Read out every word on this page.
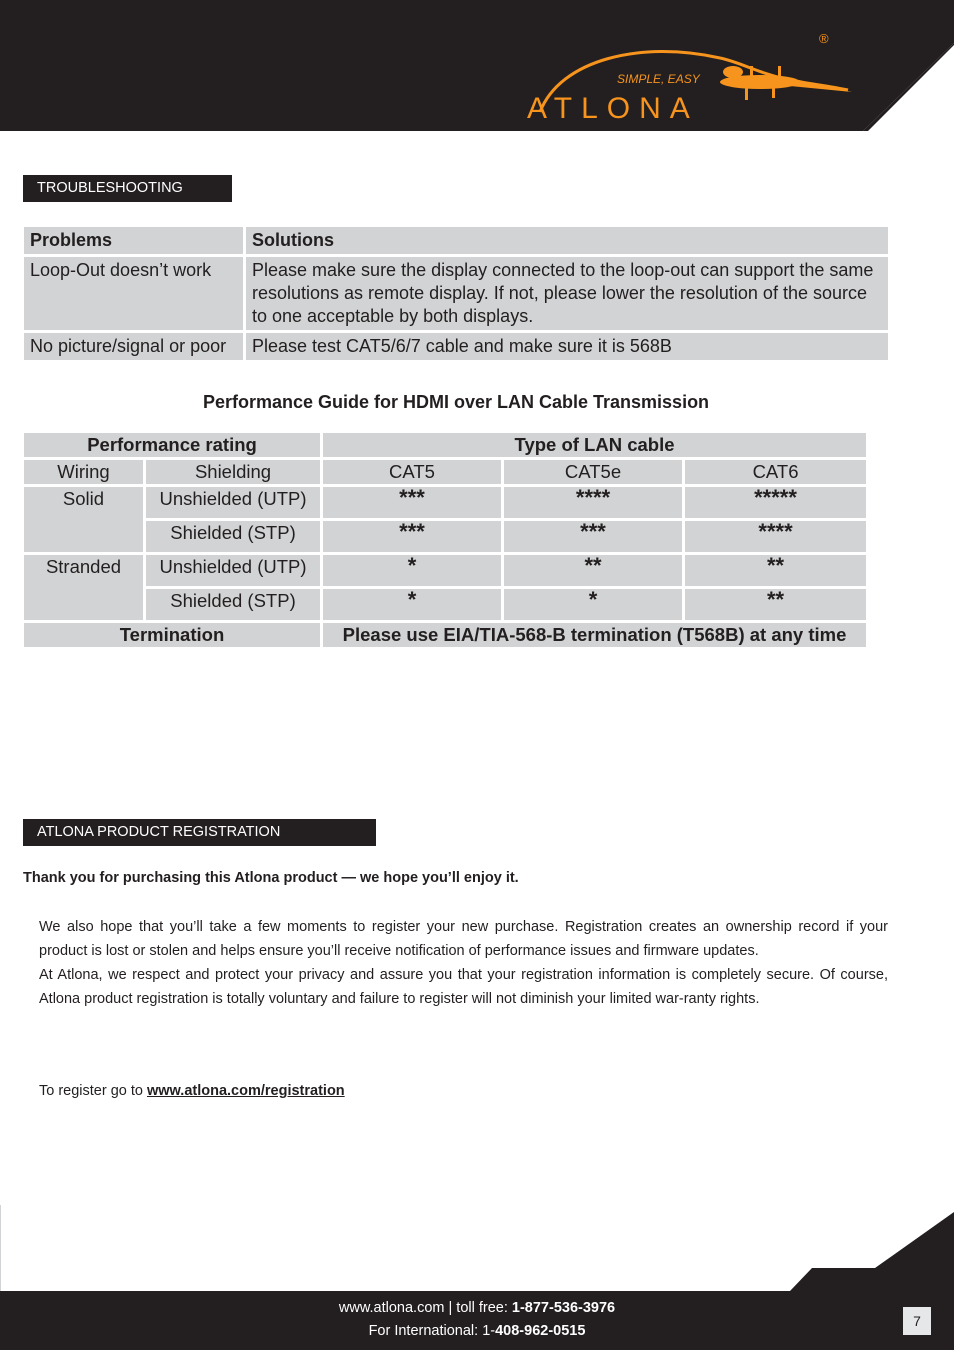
SIMPLE, EASY
ATLONA
®
TROUBLESHOOTING
Problems	Solutions
Loop-Out doesn’t work	Please make sure the display connected to the loop-out can support the same resolutions as remote display. If not, please lower the resolution of the source to one acceptable by both displays.
No picture/signal or poor	Please test CAT5/6/7 cable and make sure it is 568B
Performance Guide for HDMI over LAN Cable Transmission
Performance rating		Type of LAN cable		
Wiring	Shielding	CAT5	CAT5e	CAT6
Solid	Unshielded (UTP)	***	****	*****
	Shielded (STP)	***	***	****
Stranded	Unshielded (UTP)	*	**	**
	Shielded (STP)	*	*	**
Termination		Please use EIA/TIA-568-B termination (T568B) at any time		
ATLONA PRODUCT REGISTRATION
Thank you for purchasing this Atlona product — we hope you’ll enjoy it.

We also hope that you’ll take a few moments to register your new purchase. Registration creates an ownership record if your product is lost or stolen and helps ensure you’ll receive notification of performance issues and firmware updates.

At Atlona, we respect and protect your privacy and assure you that your registration information is completely secure. Of course, Atlona product registration is totally voluntary and failure to register will not diminish your limited war-ranty rights.

To register go to www.atlona.com/registration
www.atlona.com | toll free: 1-877-536-3976
For International: 1-408-962-0515
7
